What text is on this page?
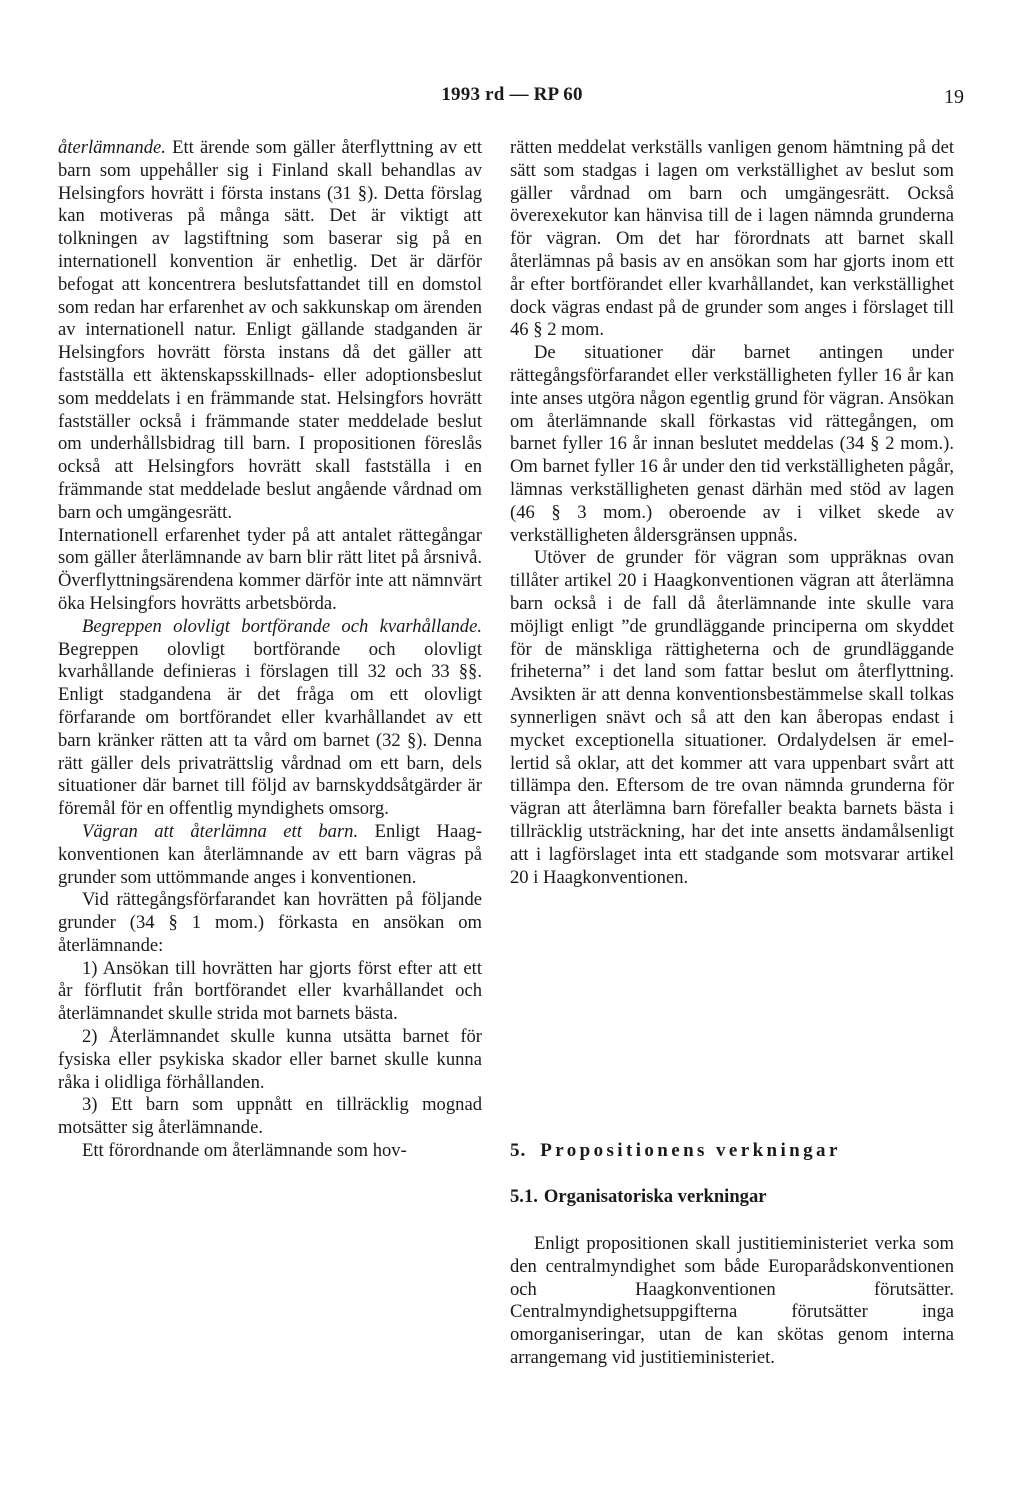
1993 rd — RP 60	19

återlämnande. Ett ärende som gäller återflyttning av ett barn som uppehåller sig i Finland skall behandlas av Helsingfors hovrätt i första instans (31 §). Detta förslag kan motiveras på många sätt. Det är viktigt att tolkningen av lagstiftning som baserar sig på en internationell konvention är enhetlig. Det är därför befogat att koncentrera beslutsfattandet till en domstol som redan har erfarenhet av och sakkunskap om ärenden av internationell natur. Enligt gällande stadganden är Helsingfors hovrätt första instans då det gäller att fastställa ett äktenskapsskillnads- eller adoptionsbeslut som meddelats i en främmande stat. Helsingfors hovrätt fastställer också i främmande stater meddelade beslut om underhållsbidrag till barn. I propositionen föreslås också att Helsingfors hovrätt skall fastställa i en främmande stat meddelade beslut angående vårdnad om barn och umgängesrätt.

Internationell erfarenhet tyder på att antalet rättegångar som gäller återlämnande av barn blir rätt litet på årsnivå. Överflyttningsärendena kommer därför inte att nämnvärt öka Helsingfors hovrätts arbetsbörda.

Begreppen olovligt bortförande och kvarhållande. Begreppen olovligt bortförande och olovligt kvarhållande definieras i förslagen till 32 och 33 §§. Enligt stadgandena är det fråga om ett olovligt förfarande om bortförandet eller kvarhållandet av ett barn kränker rätten att ta vård om barnet (32 §). Denna rätt gäller dels privaträttslig vårdnad om ett barn, dels situationer där barnet till följd av barnskyddsåtgärder är föremål för en offentlig myndighets omsorg.

Vägran att återlämna ett barn. Enligt Haagkonventionen kan återlämnande av ett barn vägras på grunder som uttömmande anges i konventionen.

Vid rättegångsförfarandet kan hovrätten på följande grunder (34 § 1 mom.) förkasta en ansökan om återlämnande:

1) Ansökan till hovrätten har gjorts först efter att ett år förflutit från bortförandet eller kvarhållandet och återlämnandet skulle strida mot barnets bästa.

2) Återlämnandet skulle kunna utsätta barnet för fysiska eller psykiska skador eller barnet skulle kunna råka i olidliga förhållanden.

3) Ett barn som uppnått en tillräcklig mognad motsätter sig återlämnande.

Ett förordnande om återlämnande som hov-

rätten meddelat verkställs vanligen genom hämtning på det sätt som stadgas i lagen om verkställighet av beslut som gäller vårdnad om barn och umgängesrätt. Också överexekutor kan hänvisa till de i lagen nämnda grunderna för vägran. Om det har förordnats att barnet skall återlämnas på basis av en ansökan som har gjorts inom ett år efter bortförandet eller kvarhållandet, kan verkställighet dock vägras endast på de grunder som anges i förslaget till 46 § 2 mom.

De situationer där barnet antingen under rättegångsförfarandet eller verkställigheten fyller 16 år kan inte anses utgöra någon egentlig grund för vägran. Ansökan om återlämnande skall förkastas vid rättegången, om barnet fyller 16 år innan beslutet meddelas (34 § 2 mom.). Om barnet fyller 16 år under den tid verkställigheten pågår, lämnas verkställigheten genast därhän med stöd av lagen (46 § 3 mom.) oberoende av i vilket skede av verkställigheten åldersgränsen uppnås.

Utöver de grunder för vägran som uppräknas ovan tillåter artikel 20 i Haagkonventionen vägran att återlämna barn också i de fall då återlämnande inte skulle vara möjligt enligt ”de grundläggande principerna om skyddet för de mänskliga rättigheterna och de grundläggande friheterna” i det land som fattar beslut om återflyttning. Avsikten är att denna konventionsbestämmelse skall tolkas synnerligen snävt och så att den kan åberopas endast i mycket exceptionella situationer. Ordalydelsen är emellertid så oklar, att det kommer att vara uppenbart svårt att tillämpa den. Eftersom de tre ovan nämnda grunderna för vägran att återlämna barn förefaller beakta barnets bästa i tillräcklig utsträckning, har det inte ansetts ändamålsenligt att i lagförslaget inta ett stadgande som motsvarar artikel 20 i Haagkonventionen.

5. Propositionens verkningar
5.1. Organisatoriska verkningar

Enligt propositionen skall justitieministeriet verka som den centralmyndighet som både Europarådskonventionen och Haagkonventionen förutsätter. Centralmyndighetsuppgifterna förutsätter inga omorganiseringar, utan de kan skötas genom interna arrangemang vid justitieministeriet.
